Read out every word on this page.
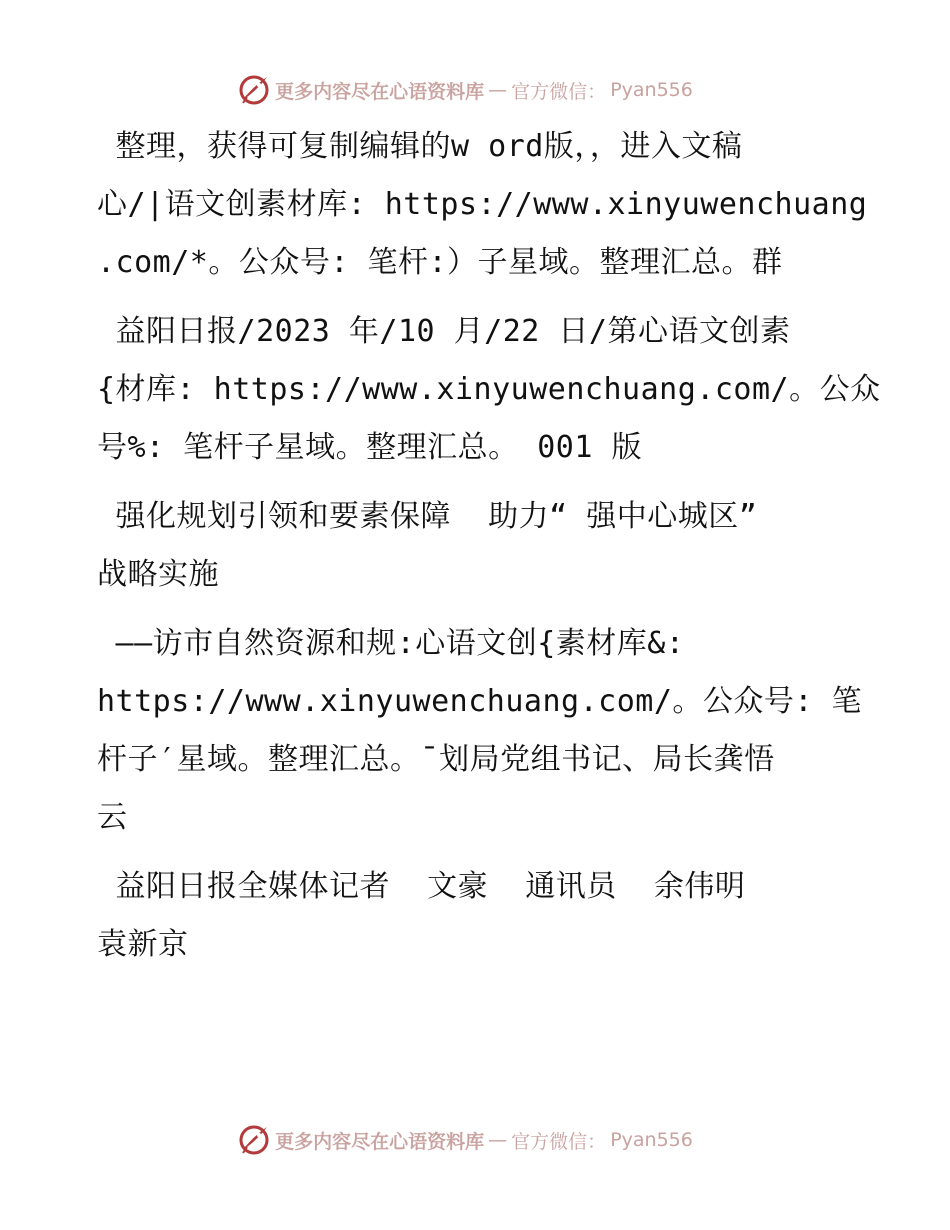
更多内容尽在心语资料库 — 官方微信： Pyan556
整理，获得可复制编辑的w ord版，，进入文稿
心/|语文创素材库: https://www.xinyuwenchuang
.com/*。公众号: 笔杆:）子星域。整理汇总。群
益阳日报/2023 年/10 月/22 日/第心语文创素
{材库: https://www.xinyuwenchuang.com/。公众
号%: 笔杆子星域。整理汇总。 001 版
强化规划引领和要素保障  助力“ 强中心城区”
战略实施
——访市自然资源和规:心语文创{素材库&:
https://www.xinyuwenchuang.com/。公众号: 笔
杆子′星域。整理汇总。¯划局党组书记、局长龚悟
云
益阳日报全媒体记者  文豪  通讯员  余伟明
袁新京
更多内容尽在心语资料库 — 官方微信： Pyan556
